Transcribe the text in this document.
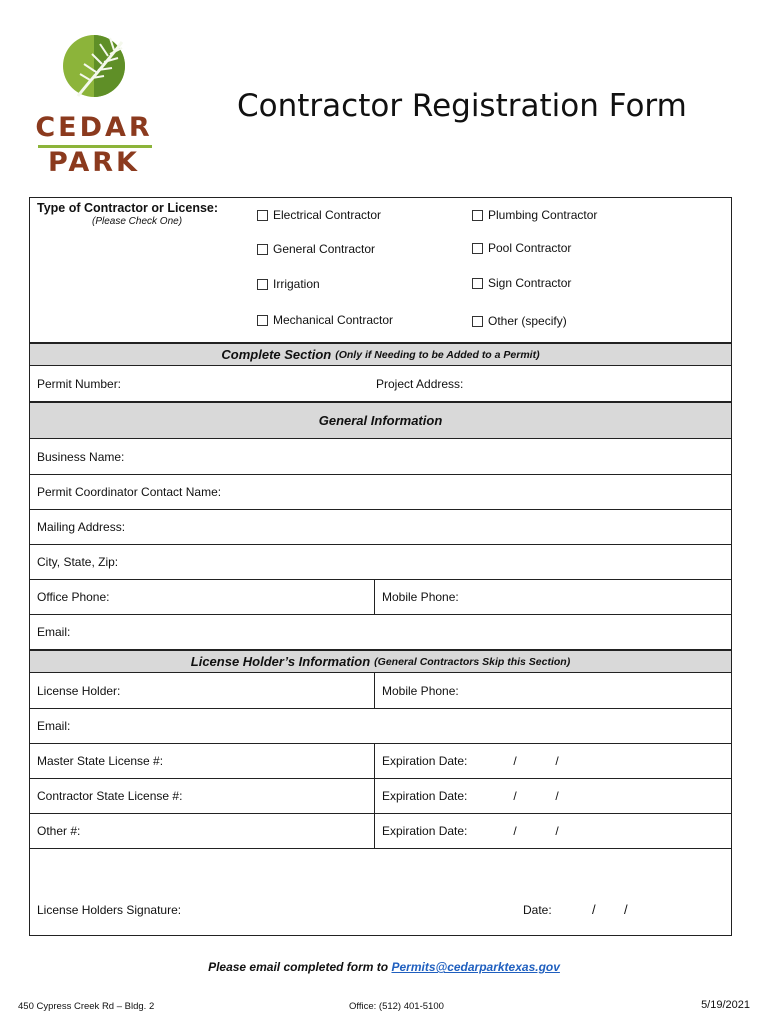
CEDAR
PARK
Contractor Registration Form
Type of Contractor or License:
(Please Check One)	Electrical Contractor	Plumbing Contractor
General Contractor	Pool Contractor
Irrigation	Sign Contractor
Mechanical Contractor	Other (specify)
Complete Section (Only if Needing to be Added to a Permit)
Permit Number:	Project Address:
General Information
Business Name:
Permit Coordinator Contact Name:
Mailing Address:
City, State, Zip:
Office Phone:	Mobile Phone:
Email:
License Holder’s Information (General Contractors Skip this Section)
License Holder:	Mobile Phone:
Email:
Master State License #:	Expiration Date:	/	/
Contractor State License #:	Expiration Date:	/	/
Other #:	Expiration Date:	/	/
License Holders Signature:	Date:	/ /
Please email completed form to Permits@cedarparktexas.gov
450 Cypress Creek Rd – Bldg. 2	Office: (512) 401-5100	5/19/2021
